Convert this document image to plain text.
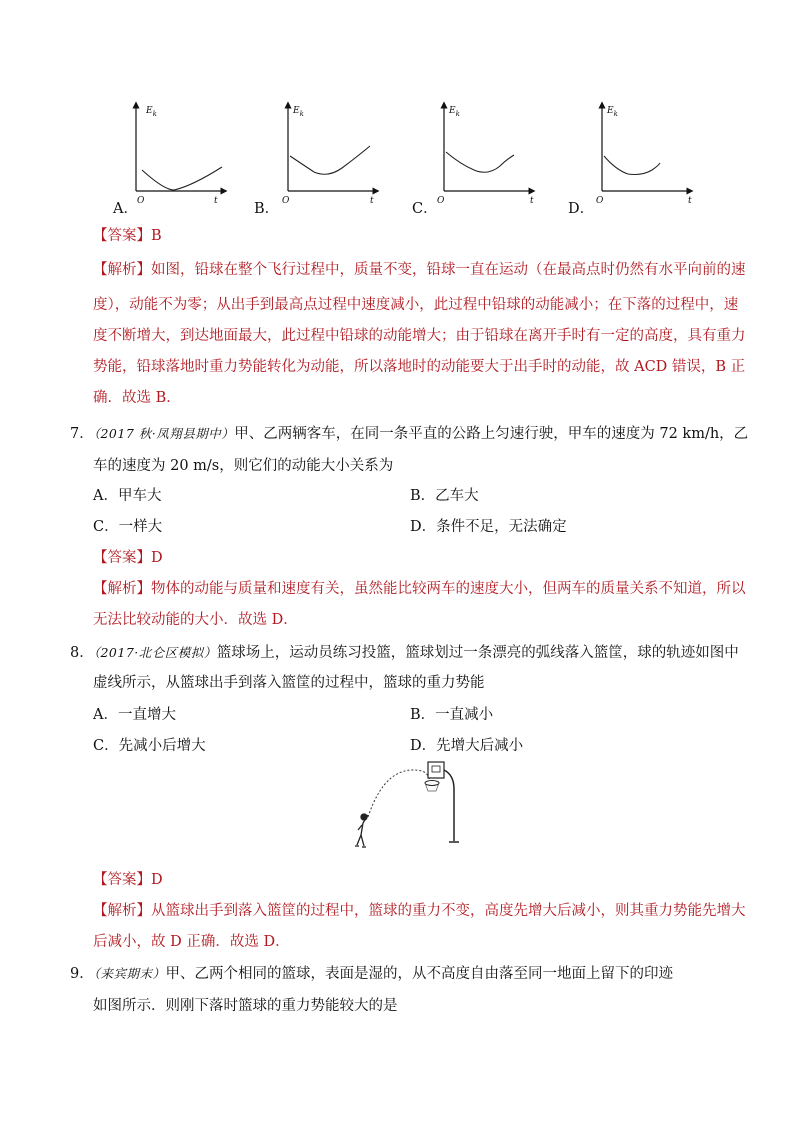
$E_k$
O	t
A．
$E_k$
O	t
B．
$E_k$
O	t
C．
$E_k$
O	t
D．
【答案】B
【解析】如图，铅球在整个飞行过程中，质量不变，铅球一直在运动（在最高点时仍然有水平向前的速
度），动能不为零；从出手到最高点过程中速度减小，此过程中铅球的动能减小；在下落的过程中，速
度不断增大，到达地面最大，此过程中铅球的动能增大；由于铅球在离开手时有一定的高度，具有重力
势能，铅球落地时重力势能转化为动能，所以落地时的动能要大于出手时的动能，故 ACD 错误，B 正
确．故选 B．
7．（2017 秋·凤翔县期中）甲、乙两辆客车，在同一条平直的公路上匀速行驶，甲车的速度为 72 km/h，乙
车的速度为 20 m/s，则它们的动能大小关系为
A．甲车大	B．乙车大
C．一样大	D．条件不足，无法确定
【答案】D
【解析】物体的动能与质量和速度有关，虽然能比较两车的速度大小，但两车的质量关系不知道，所以
无法比较动能的大小．故选 D．
8．（2017·北仑区模拟）篮球场上，运动员练习投篮，篮球划过一条漂亮的弧线落入篮筐，球的轨迹如图中
虚线所示，从篮球出手到落入篮筐的过程中，篮球的重力势能
A．一直增大	B．一直减小
C．先减小后增大	D．先增大后减小
【答案】D
【解析】从篮球出手到落入篮筐的过程中，篮球的重力不变，高度先增大后减小，则其重力势能先增大
后减小，故 D 正确．故选 D．
9．（来宾期末）甲、乙两个相同的篮球，表面是湿的，从不高度自由落至同一地面上留下的印迹
如图所示．则刚下落时篮球的重力势能较大的是
